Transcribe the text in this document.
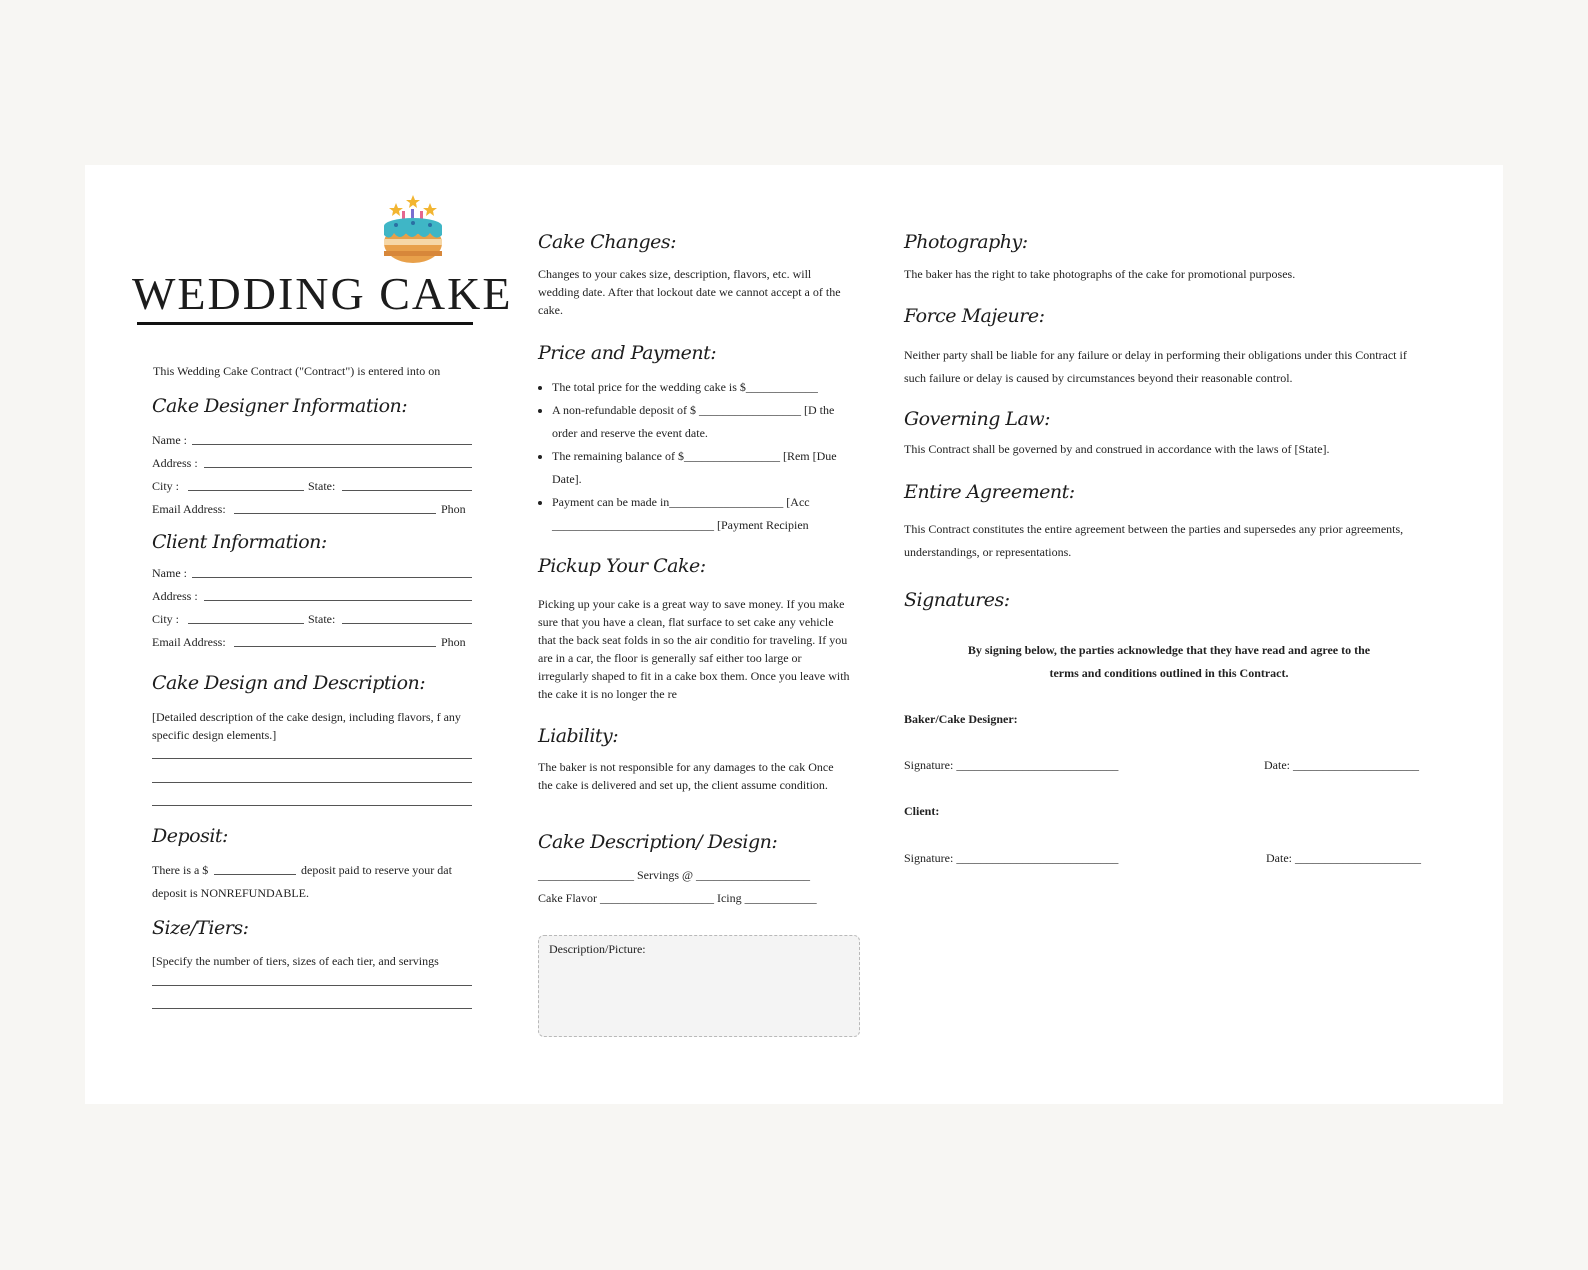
WEDDING CAKE
This Wedding Cake Contract ("Contract") is entered into on
Cake Designer Information:
Name :
Address :
City :	State:
Email Address:	Phon
Client Information:
Name :
Address :
City :	State:
Email Address:	Phon
Cake Design and Description:
[Detailed description of the cake design, including flavors, f any specific design elements.]
Deposit:
There is a $	deposit paid to reserve your dat
deposit is NONREFUNDABLE.
Size/Tiers:
[Specify the number of tiers, sizes of each tier, and servings
Cake Changes:
Changes to your cakes size, description, flavors, etc. will wedding date. After that lockout date we cannot accept a of the cake.
Price and Payment:
• The total price for the wedding cake is $____________
• A non-refundable deposit of $ _________________ [D the order and reserve the event date.
• The remaining balance of $________________ [Rem [Due Date].
• Payment can be made in___________________ [Acc ___________________________ [Payment Recipien
Pickup Your Cake:
Picking up your cake is a great way to save money. If you make sure that you have a clean, flat surface to set cake any vehicle that the back seat folds in so the air conditio for traveling. If you are in a car, the floor is generally saf either too large or irregularly shaped to fit in a cake box them. Once you leave with the cake it is no longer the re
Liability:
The baker is not responsible for any damages to the cak Once the cake is delivered and set up, the client assume condition.
Cake Description/ Design:
________________ Servings @ ___________________
Cake Flavor ___________________ Icing ____________
Description/Picture:
Photography:
The baker has the right to take photographs of the cake for promotional purposes.
Force Majeure:
Neither party shall be liable for any failure or delay in performing their obligations under this Contract if such failure or delay is caused by circumstances beyond their reasonable control.
Governing Law:
This Contract shall be governed by and construed in accordance with the laws of [State].
Entire Agreement:
This Contract constitutes the entire agreement between the parties and supersedes any prior agreements, understandings, or representations.
Signatures:
By signing below, the parties acknowledge that they have read and agree to the
terms and conditions outlined in this Contract.
Baker/Cake Designer:
Signature: ___________________________	Date: _____________________
Client:
Signature: ___________________________	Date: _____________________
